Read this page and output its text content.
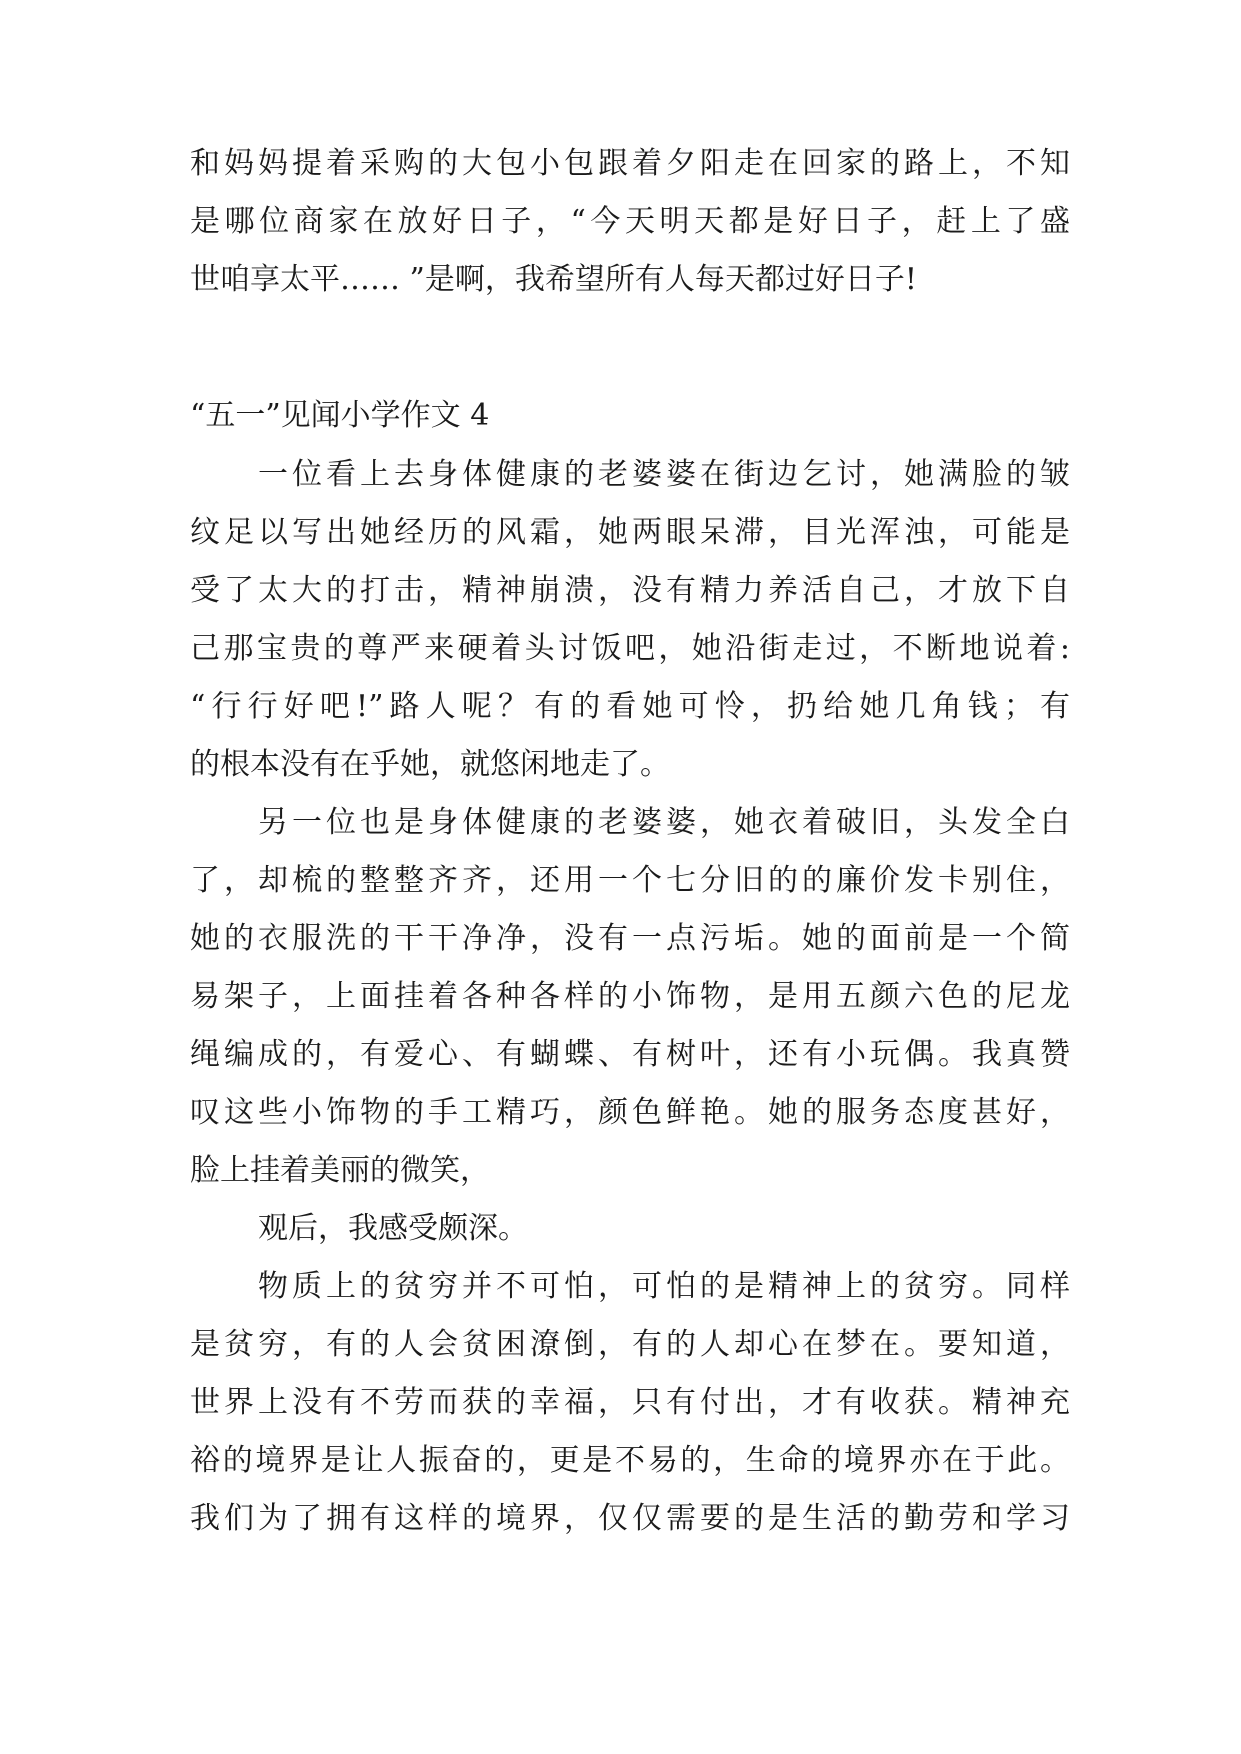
和妈妈提着采购的大包小包跟着夕阳走在回家的路上，不知
是哪位商家在放好日子，“今天明天都是好日子，赶上了盛
世咱享太平…… ”是啊，我希望所有人每天都过好日子!
“五一”见闻小学作文 4
一位看上去身体健康的老婆婆在街边乞讨，她满脸的皱
纹足以写出她经历的风霜，她两眼呆滞，目光浑浊，可能是
受了太大的打击，精神崩溃，没有精力养活自己，才放下自
己那宝贵的尊严来硬着头讨饭吧，她沿街走过，不断地说着:
“行行好吧!”路人呢？有的看她可怜，扔给她几角钱；有
的根本没有在乎她，就悠闲地走了。
另一位也是身体健康的老婆婆，她衣着破旧，头发全白
了，却梳的整整齐齐，还用一个七分旧的的廉价发卡别住，
她的衣服洗的干干净净，没有一点污垢。她的面前是一个简
易架子，上面挂着各种各样的小饰物，是用五颜六色的尼龙
绳编成的，有爱心、有蝴蝶、有树叶，还有小玩偶。我真赞
叹这些小饰物的手工精巧，颜色鲜艳。她的服务态度甚好，
脸上挂着美丽的微笑，
观后，我感受颇深。
物质上的贫穷并不可怕，可怕的是精神上的贫穷。同样
是贫穷，有的人会贫困潦倒，有的人却心在梦在。要知道，
世界上没有不劳而获的幸福，只有付出，才有收获。精神充
裕的境界是让人振奋的，更是不易的，生命的境界亦在于此。
我们为了拥有这样的境界，仅仅需要的是生活的勤劳和学习
